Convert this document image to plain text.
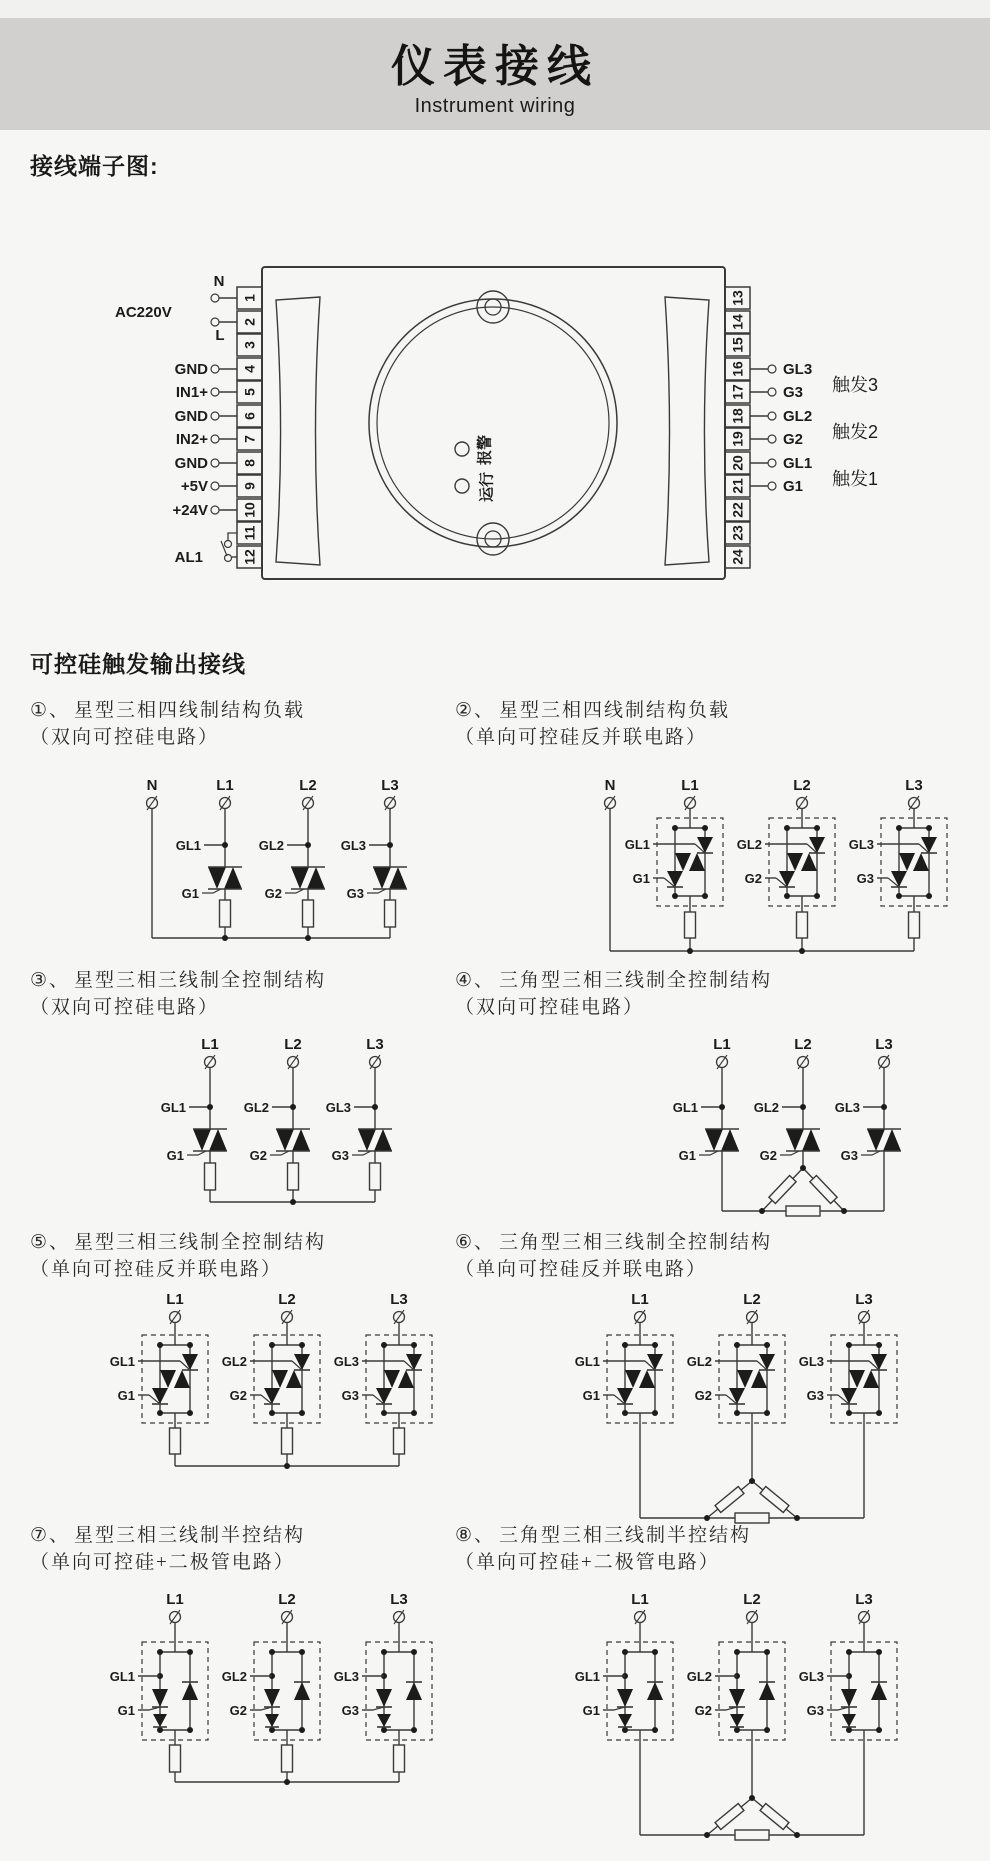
仪表接线
Instrument wiring
接线端子图:
报警
运行
1	13
2	14
3	15
4	16
5	17
6	18
7	19
8	20
9	21
10	22
11	23
12	24
N
L
AC220V
GND
IN1+
GND
IN2+
GND
+5V
+24V
AL1
GL3
G3
GL2
G2
GL1
G1
触发3
触发2
触发1
可控硅触发输出接线
①、 星型三相四线制结构负载
（双向可控硅电路）
N	L1
GL1
G1
L2
GL2
G2
L3
GL3
G3
②、 星型三相四线制结构负载
（单向可控硅反并联电路）
N	L1
GL1
G1
L2
GL2
G2
L3
GL3
G3
③、 星型三相三线制全控制结构
（双向可控硅电路）
L1
GL1
G1
L2
GL2
G2
L3
GL3
G3
④、 三角型三相三线制全控制结构
（双向可控硅电路）
L1
GL1
G1
L2
GL2
G2
L3
GL3
G3
⑤、 星型三相三线制全控制结构
（单向可控硅反并联电路）
L1
GL1
G1
L2
GL2
G2
L3
GL3
G3
⑥、 三角型三相三线制全控制结构
（单向可控硅反并联电路）
L1
GL1
G1
L2
GL2
G2
L3
GL3
G3
⑦、 星型三相三线制半控结构
（单向可控硅+二极管电路）
L1
GL1
G1
L2
GL2
G2
L3
GL3
G3
⑧、 三角型三相三线制半控结构
（单向可控硅+二极管电路）
L1
GL1
G1
L2
GL2
G2
L3
GL3
G3
